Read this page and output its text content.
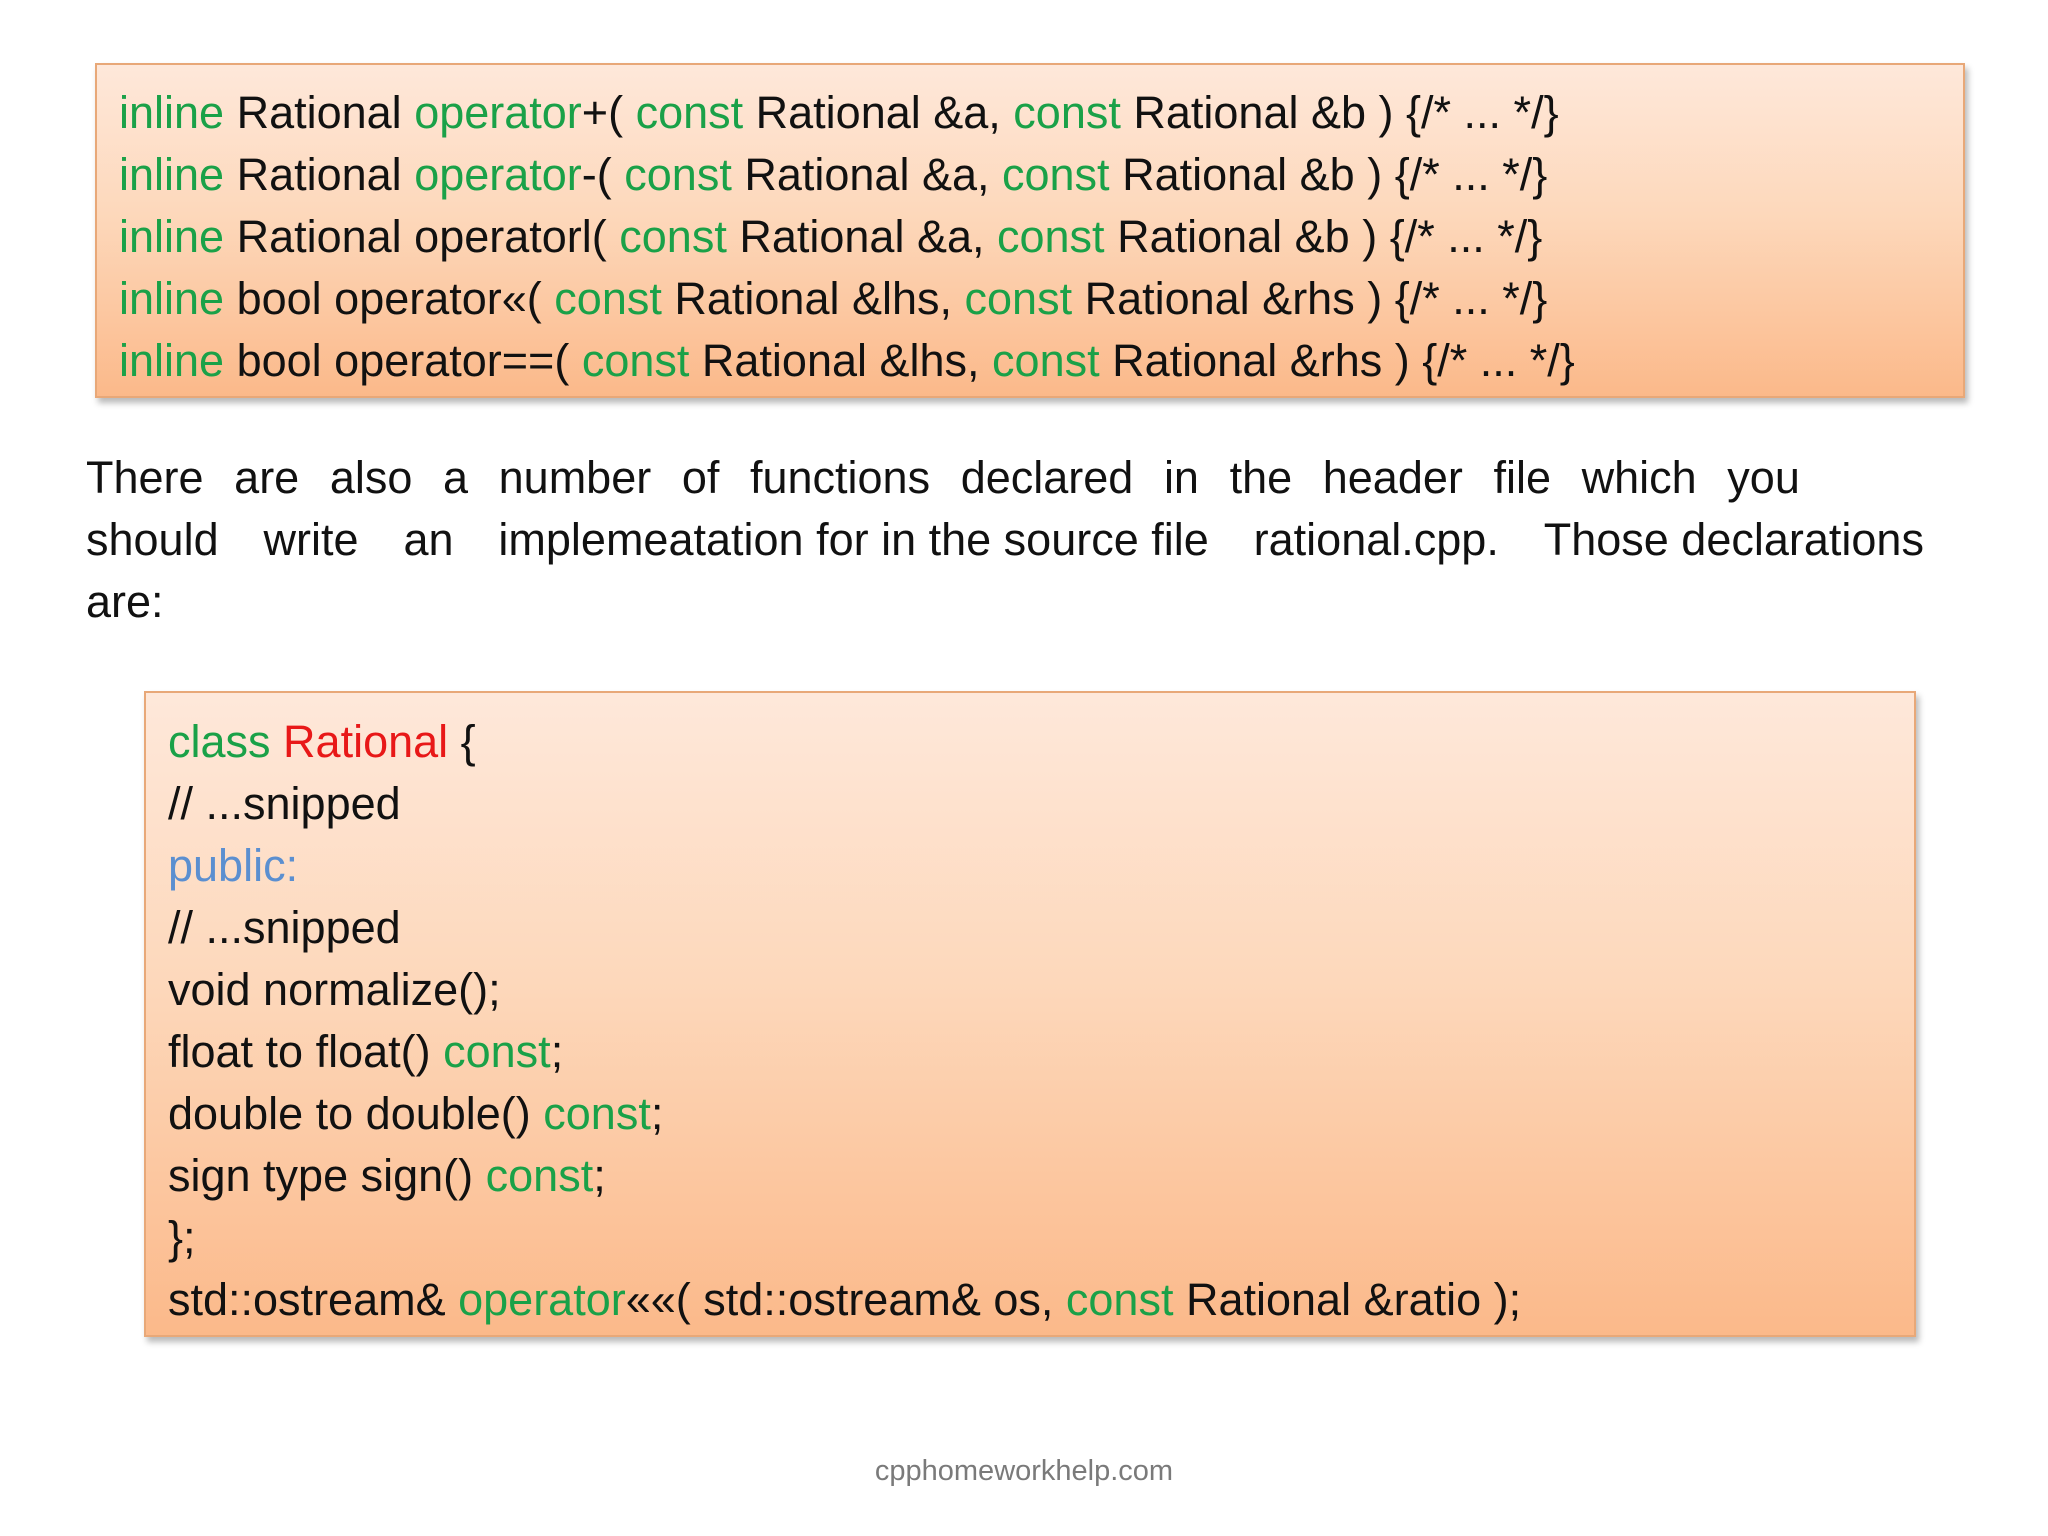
inline Rational operator+( const Rational &a, const Rational &b ) {/* ... */}
inline Rational operator-( const Rational &a, const Rational &b ) {/* ... */}
inline Rational operatorl( const Rational &a, const Rational &b ) {/* ... */}
inline bool operator«( const Rational &lhs, const Rational &rhs ) {/* ... */}
inline bool operator==( const Rational &lhs, const Rational &rhs ) {/* ... */}
There are also a number of functions declared in the header file which you
should write an implemeatation for in the source file rational.cpp. Those declarations
are:
class Rational {
// ...snipped
public:
// ...snipped
void normalize();
float to float() const;
double to double() const;
sign type sign() const;
};
std::ostream& operator««( std::ostream& os, const Rational &ratio );
cpphomeworkhelp.com
